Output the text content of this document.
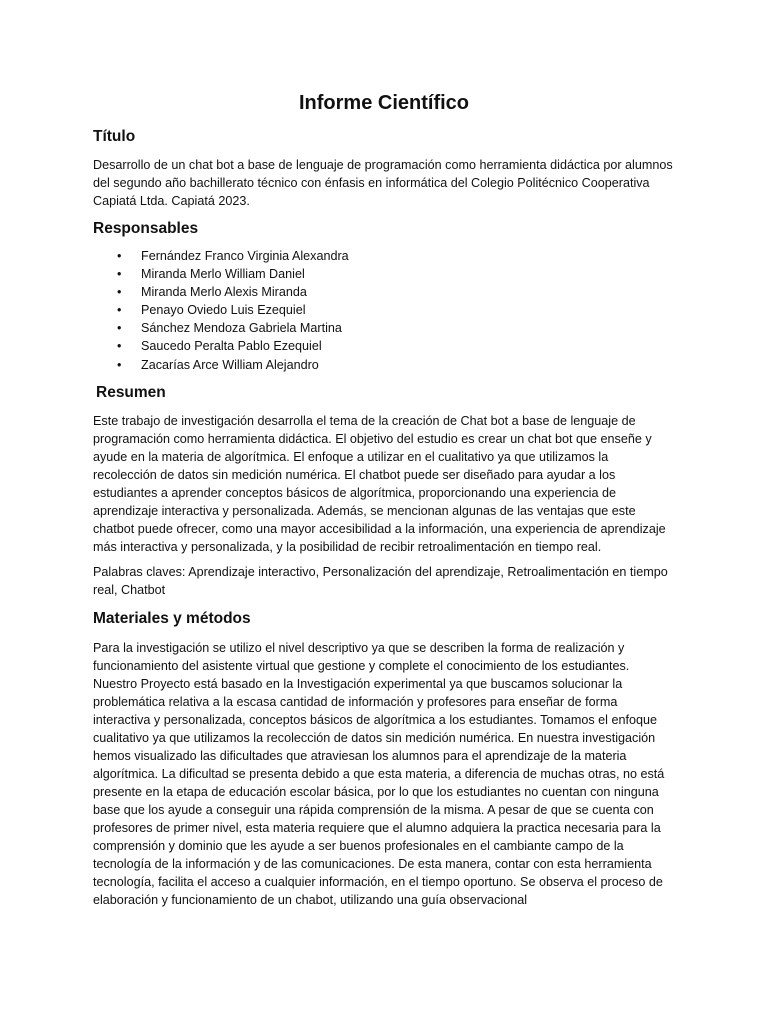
Informe Científico
Título

Desarrollo de un chat bot a base de lenguaje de programación como herramienta didáctica por alumnos del segundo año bachillerato técnico con énfasis en informática del Colegio Politécnico Cooperativa Capiatá Ltda. Capiatá 2023.

Responsables
•	Fernández Franco Virginia Alexandra
•	Miranda Merlo William Daniel
•	Miranda Merlo Alexis Miranda
•	Penayo Oviedo Luis Ezequiel
•	Sánchez Mendoza Gabriela Martina
•	Saucedo Peralta Pablo Ezequiel
•	Zacarías Arce William Alejandro
Resumen

Este trabajo de investigación desarrolla el tema de la creación de Chat bot a base de lenguaje de programación como herramienta didáctica. El objetivo del estudio es crear un chat bot que enseñe y ayude en la materia de algorítmica. El enfoque a utilizar en el cualitativo ya que utilizamos la recolección de datos sin medición numérica. El chatbot puede ser diseñado para ayudar a los estudiantes a aprender conceptos básicos de algorítmica, proporcionando una experiencia de aprendizaje interactiva y personalizada. Además, se mencionan algunas de las ventajas que este chatbot puede ofrecer, como una mayor accesibilidad a la información, una experiencia de aprendizaje más interactiva y personalizada, y la posibilidad de recibir retroalimentación en tiempo real.

Palabras claves: Aprendizaje interactivo, Personalización del aprendizaje, Retroalimentación en tiempo real, Chatbot

Materiales y métodos

Para la investigación se utilizo el nivel descriptivo ya que se describen la forma de realización y funcionamiento del asistente virtual que gestione y complete el conocimiento de los estudiantes. Nuestro Proyecto está basado en la Investigación experimental ya que buscamos solucionar la problemática relativa a la escasa cantidad de información y profesores para enseñar de forma interactiva y personalizada, conceptos básicos de algorítmica a los estudiantes. Tomamos el enfoque cualitativo ya que utilizamos la recolección de datos sin medición numérica. En nuestra investigación hemos visualizado las dificultades que atraviesan los alumnos para el aprendizaje de la materia algorítmica. La dificultad se presenta debido a que esta materia, a diferencia de muchas otras, no está presente en la etapa de educación escolar básica, por lo que los estudiantes no cuentan con ninguna base que los ayude a conseguir una rápida comprensión de la misma. A pesar de que se cuenta con profesores de primer nivel, esta materia requiere que el alumno adquiera la practica necesaria para la comprensión y dominio que les ayude a ser buenos profesionales en el cambiante campo de la tecnología de la información y de las comunicaciones. De esta manera, contar con esta herramienta tecnología, facilita el acceso a cualquier información, en el tiempo oportuno. Se observa el proceso de elaboración y funcionamiento de un chabot, utilizando una guía observacional
